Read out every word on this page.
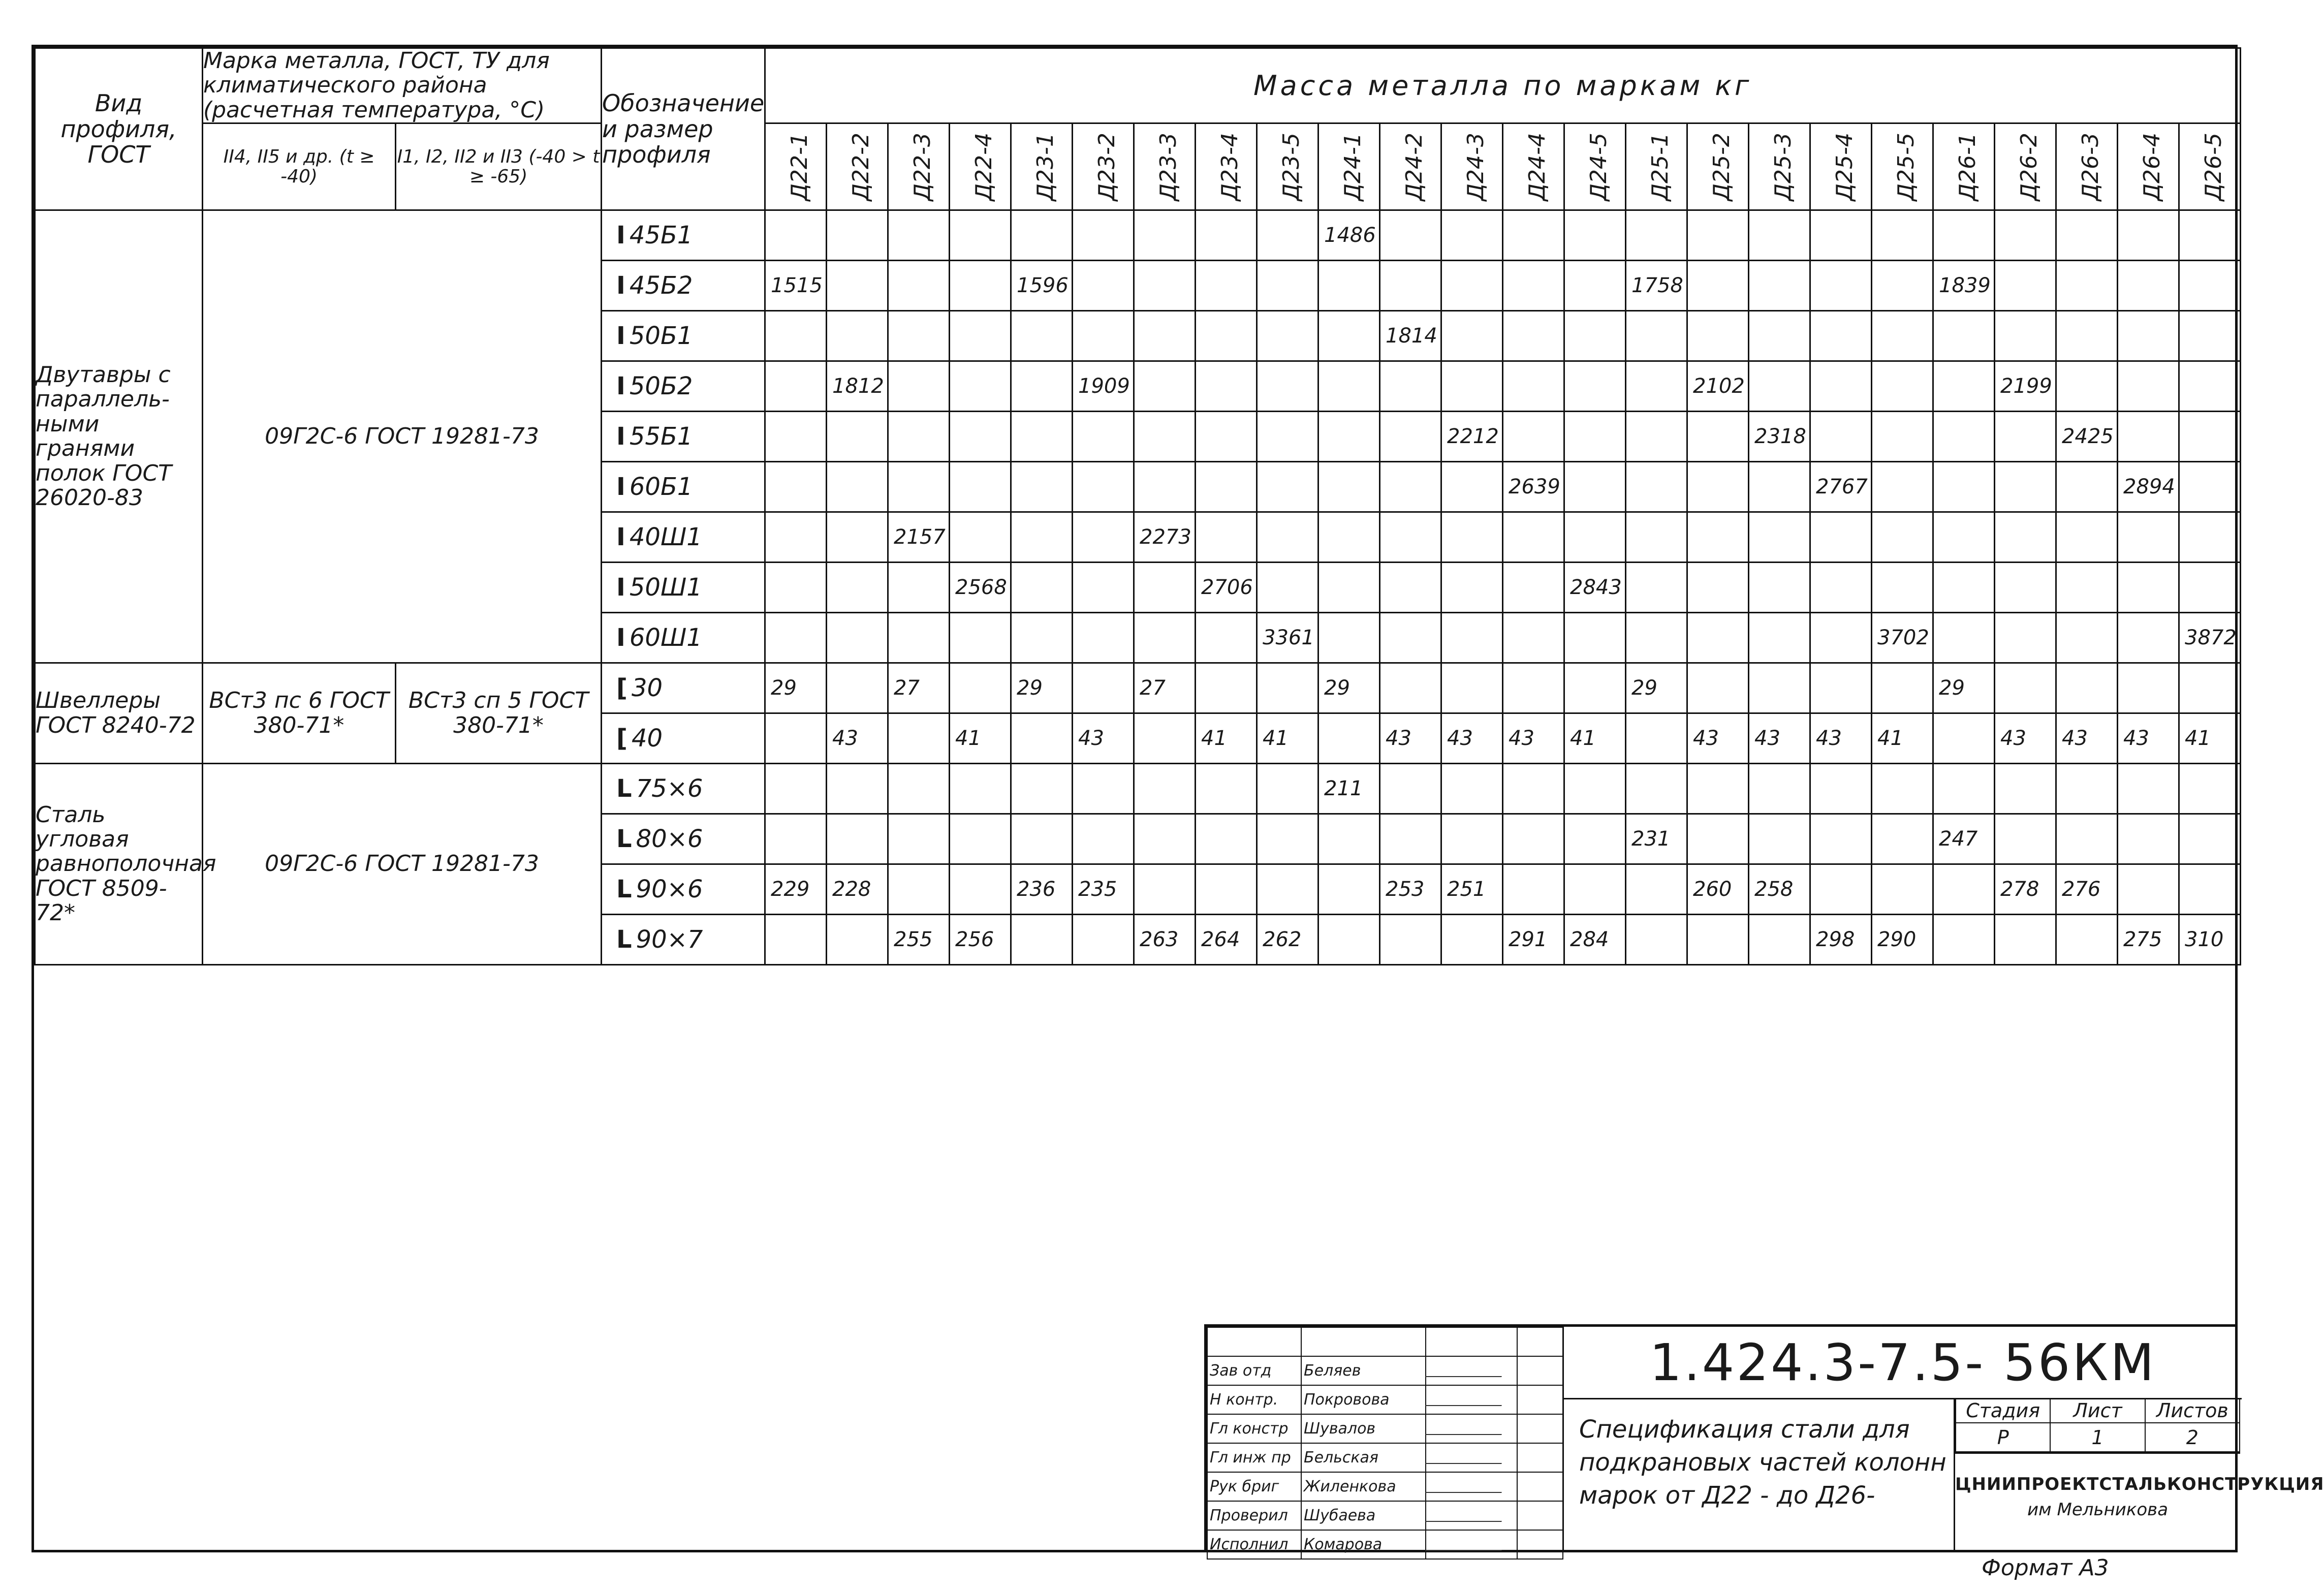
Вид профиля, ГОСТ	Марка металла, ГОСТ, ТУ для климатического района (расчетная температура, °С)		Обозначение и размер профиля	Масса металла по маркам кг																							
	II4, II5 и др. (t ≥ -40)	I1, I2, II2 и II3 (-40 > t ≥ -65)		Д22-1	Д22-2	Д22-3	Д22-4	Д23-1	Д23-2	Д23-3	Д23-4	Д23-5	Д24-1	Д24-2	Д24-3	Д24-4	Д24-5	Д25-1	Д25-2	Д25-3	Д25-4	Д25-5	Д26-1	Д26-2	Д26-3	Д26-4	Д26-5

Двутавры с параллель-ными гранями полок ГОСТ 26020-83	09Г2С-6 ГОСТ 19281-73		I 45Б1										1486														
			I 45Б2	1515				1596										1758					1839				
			I 50Б1											1814													
			I 50Б2		1812				1909										2102					2199			
			I 55Б1												2212					2318					2425		
			I 60Б1													2639					2767					2894	
			I 40Ш1			2157				2273																	
			I 50Ш1				2568				2706						2843										
			I 60Ш1									3361										3702					3872
Швеллеры ГОСТ 8240-72	ВСт3 пс 6 ГОСТ 380-71*	ВСт3 сп 5 ГОСТ 380-71*	[ 30	29		27		29		27			29					29					29				
			[ 40		43		41		43		41	41		43	43	43	41		43	43	43	41		43	43	43	41
Сталь угловая равнополочная ГОСТ 8509-72*	09Г2С-6 ГОСТ 19281-73		L 75×6										211														
			L 80×6															231					247				
			L 90×6	229	228			236	235					253	251				260	258				278	276		
			L 90×7			255	256			263	264	262				291	284				298	290				275	310

Зав отд	Беляев		
Н контр.	Покровова		
Гл констр	Шувалов		
Гл инж пр	Бельская		
Рук бриг	Жиленкова		
Проверил	Шубаева		
Исполнил	Комарова		
1.424.3-7.5- 56КМ
Спецификация стали для подкрановых частей колонн марок от Д22 - до Д26-
Стадия	Лист	Листов
Р	1	2
ЦНИИПРОЕКТСТАЛЬКОНСТРУКЦИЯ
им Мельникова
Формат А3
